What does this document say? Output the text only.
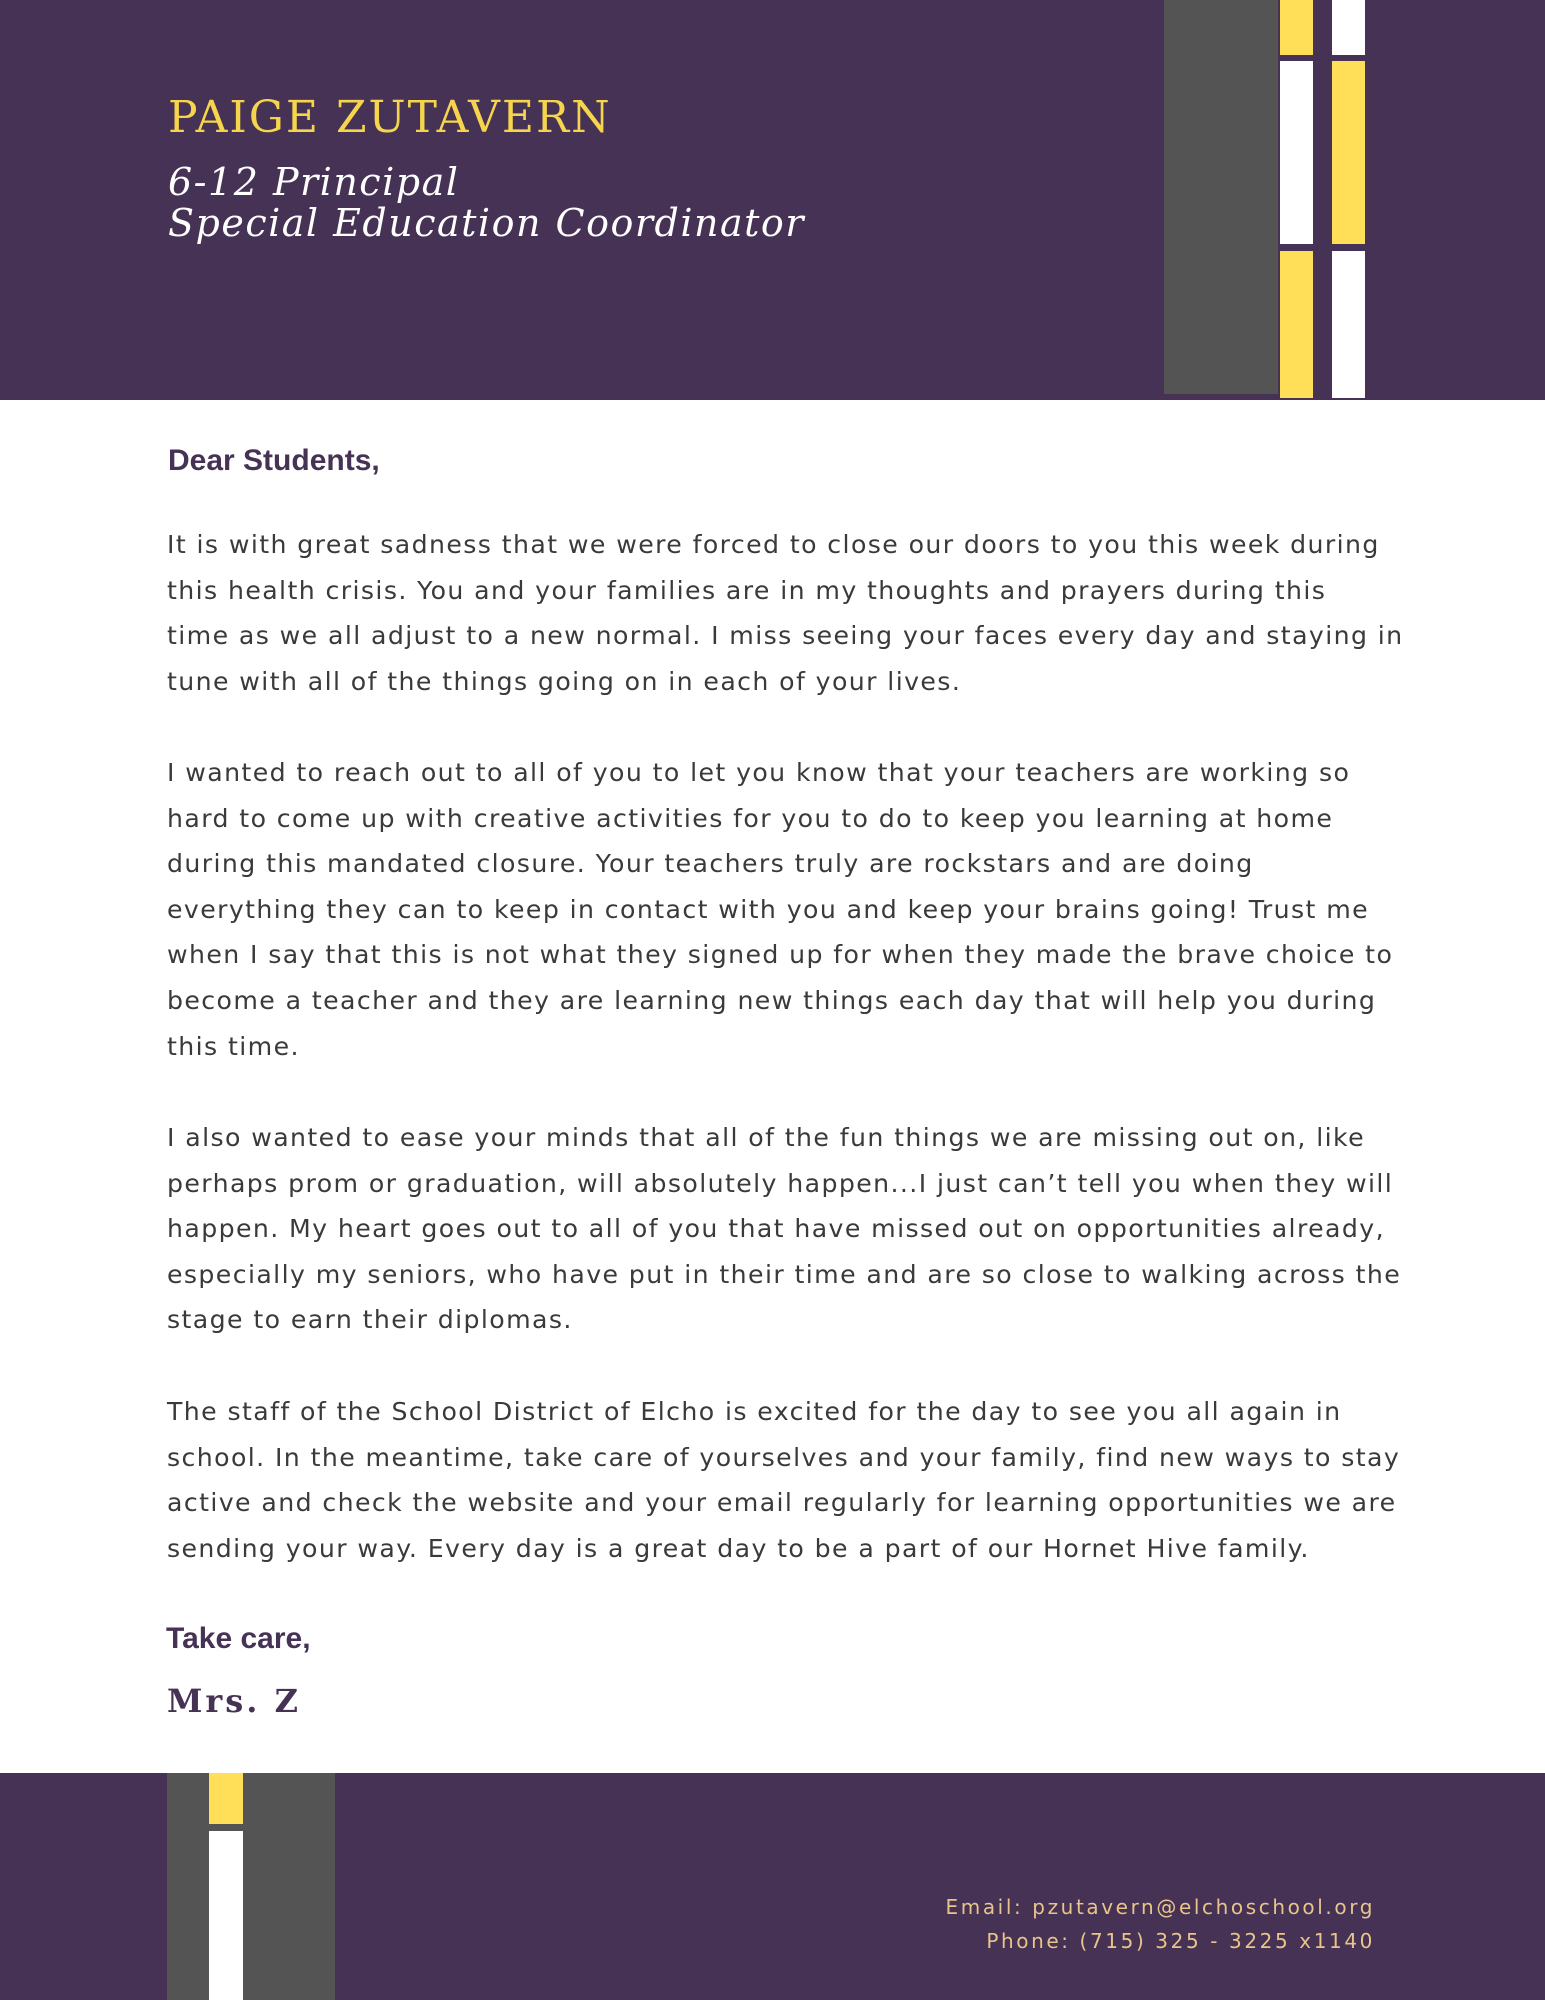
PAIGE ZUTAVERN
6-12 Principal
Special Education Coordinator
Dear Students,

It is with great sadness that we were forced to close our doors to you this week during
this health crisis. You and your families are in my thoughts and prayers during this
time as we all adjust to a new normal. I miss seeing your faces every day and staying in
tune with all of the things going on in each of your lives.

I wanted to reach out to all of you to let you know that your teachers are working so
hard to come up with creative activities for you to do to keep you learning at home
during this mandated closure. Your teachers truly are rockstars and are doing
everything they can to keep in contact with you and keep your brains going! Trust me
when I say that this is not what they signed up for when they made the brave choice to
become a teacher and they are learning new things each day that will help you during
this time.

I also wanted to ease your minds that all of the fun things we are missing out on, like
perhaps prom or graduation, will absolutely happen...I just can’t tell you when they will
happen. My heart goes out to all of you that have missed out on opportunities already,
especially my seniors, who have put in their time and are so close to walking across the
stage to earn their diplomas.

The staff of the School District of Elcho is excited for the day to see you all again in
school. In the meantime, take care of yourselves and your family, find new ways to stay
active and check the website and your email regularly for learning opportunities we are
sending your way. Every day is a great day to be a part of our Hornet Hive family.

Take care,
Mrs. Z
Email: pzutavern@elchoschool.org
Phone: (715) 325 - 3225 x1140
